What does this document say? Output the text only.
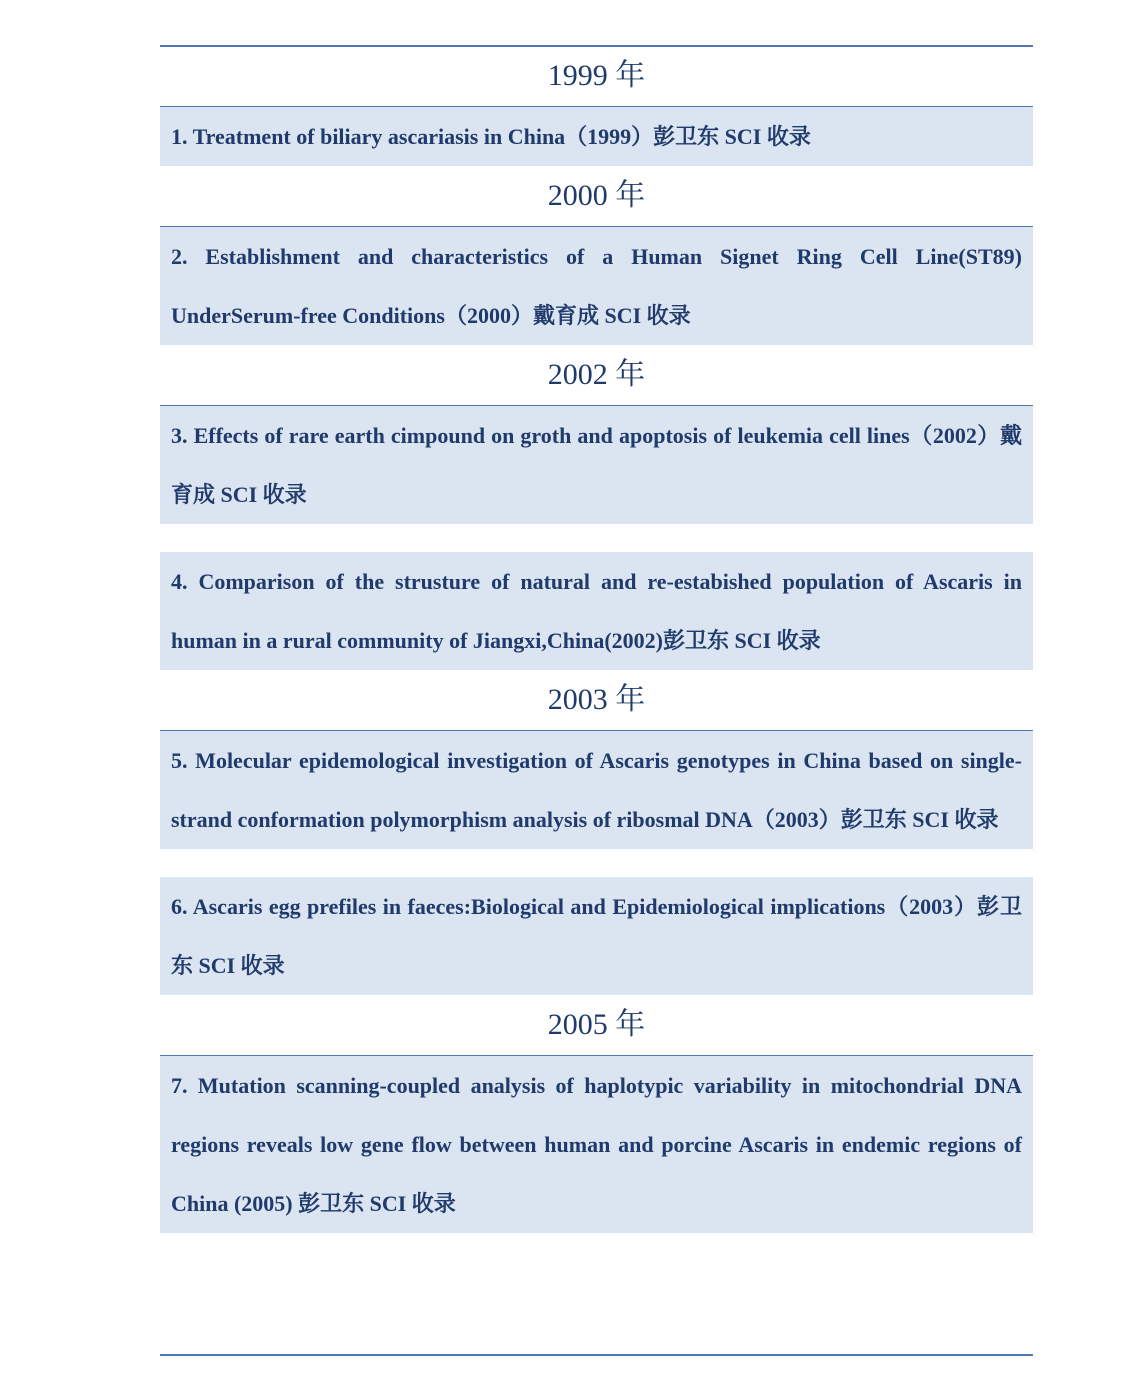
1999 年
1. Treatment of biliary ascariasis in China（1999）彭卫东 SCI 收录
2000 年
2. Establishment and characteristics of a Human Signet Ring Cell Line(ST89) UnderSerum-free Conditions（2000）戴育成 SCI 收录
2002 年
3. Effects of rare earth cimpound on groth and apoptosis of leukemia cell lines（2002）戴育成 SCI 收录
4. Comparison of the strusture of natural and re-estabished population of Ascaris in human in a rural community of Jiangxi,China(2002)彭卫东 SCI 收录
2003 年
5. Molecular epidemological investigation of Ascaris genotypes in China based on single-strand conformation polymorphism analysis of ribosmal DNA（2003）彭卫东 SCI 收录
6. Ascaris egg prefiles in faeces:Biological and Epidemiological implications（2003）彭卫东 SCI 收录
2005 年
7. Mutation scanning-coupled analysis of haplotypic variability in mitochondrial DNA regions reveals low gene flow between human and porcine Ascaris in endemic regions of China (2005) 彭卫东 SCI 收录
